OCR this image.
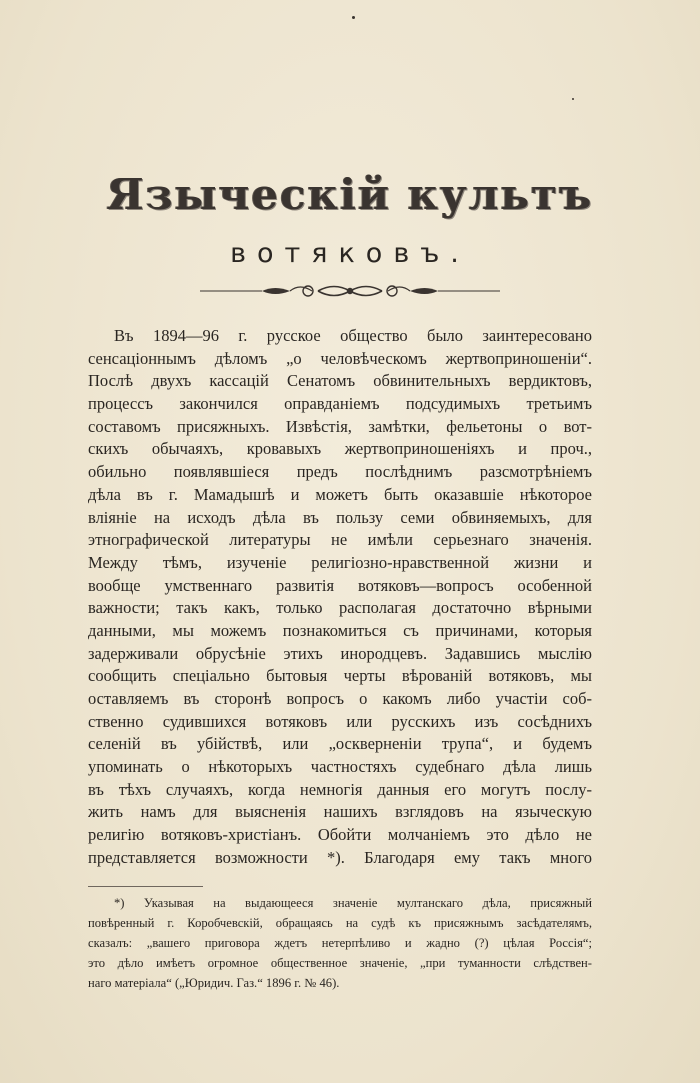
Языческій культъ
вотяковъ.
Въ 1894—96 г. русское общество было заинтересовано
сенсаціоннымъ дѣломъ „о человѣческомъ жертвоприношеніи“.
Послѣ двухъ кассацій Сенатомъ обвинительныхъ вердиктовъ,
процессъ закончился оправданіемъ подсудимыхъ третьимъ
составомъ присяжныхъ. Извѣстія, замѣтки, фельетоны о вот-
скихъ обычаяхъ, кровавыхъ жертвоприношеніяхъ и проч.,
обильно появлявшіеся предъ послѣднимъ разсмотрѣніемъ
дѣла въ г. Мамадышѣ и можетъ быть оказавшіе нѣкоторое
вліяніе на исходъ дѣла въ пользу семи обвиняемыхъ, для
этнографической литературы не имѣли серьезнаго значенія.
Между тѣмъ, изученіе религіозно-нравственной жизни и
вообще умственнаго развитія вотяковъ—вопросъ особенной
важности; такъ какъ, только располагая достаточно вѣрными
данными, мы можемъ познакомиться съ причинами, которыя
задерживали обрусѣніе этихъ инородцевъ. Задавшись мыслію
сообщить спеціально бытовыя черты вѣрованій вотяковъ, мы
оставляемъ въ сторонѣ вопросъ о какомъ либо участіи соб-
ственно судившихся вотяковъ или русскихъ изъ сосѣднихъ
селеній въ убійствѣ, или „оскверненіи трупа“, и будемъ
упоминать о нѣкоторыхъ частностяхъ судебнаго дѣла лишь
въ тѣхъ случаяхъ, когда немногія данныя его могутъ послу-
жить намъ для выясненія нашихъ взглядовъ на языческую
религію вотяковъ-христіанъ. Обойти молчаніемъ это дѣло не
представляется возможности *). Благодаря ему такъ много
*) Указывая на выдающееся значеніе мултанскаго дѣла, присяжный
повѣренный г. Коробчевскій, обращаясь на судѣ къ присяжнымъ засѣдателямъ,
сказалъ: „вашего приговора ждетъ нетерпѣливо и жадно (?) цѣлая Россія“;
это дѣло имѣетъ огромное общественное значеніе, „при туманности слѣдствен-
наго матеріала“ („Юридич. Газ.“ 1896 г. № 46).
